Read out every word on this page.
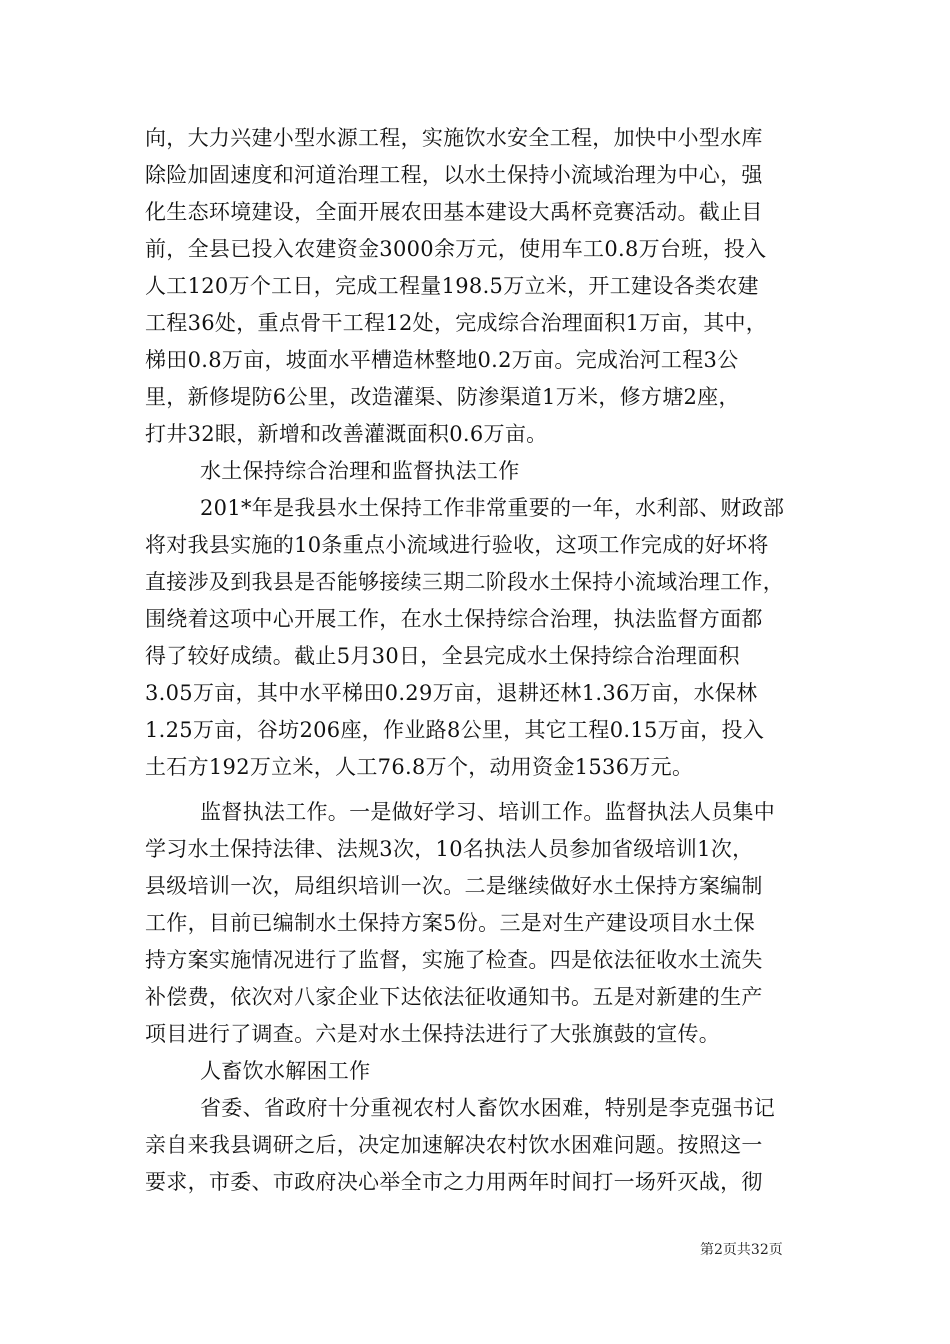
向，大力兴建小型水源工程，实施饮水安全工程，加快中小型水库
除险加固速度和河道治理工程，以水土保持小流域治理为中心，强
化生态环境建设，全面开展农田基本建设大禹杯竞赛活动。截止目
前，全县已投入农建资金3000余万元，使用车工0.8万台班，投入
人工120万个工日，完成工程量198.5万立米，开工建设各类农建
工程36处，重点骨干工程12处，完成综合治理面积1万亩，其中，
梯田0.8万亩，坡面水平槽造林整地0.2万亩。完成治河工程3公
里，新修堤防6公里，改造灌渠、防渗渠道1万米，修方塘2座，
打井32眼，新增和改善灌溉面积0.6万亩。
水土保持综合治理和监督执法工作
201*年是我县水土保持工作非常重要的一年，水利部、财政部
将对我县实施的10条重点小流域进行验收，这项工作完成的好坏将
直接涉及到我县是否能够接续三期二阶段水土保持小流域治理工作，
围绕着这项中心开展工作，在水土保持综合治理，执法监督方面都
得了较好成绩。截止5月30日，全县完成水土保持综合治理面积
3.05万亩，其中水平梯田0.29万亩，退耕还林1.36万亩，水保林
1.25万亩，谷坊206座，作业路8公里，其它工程0.15万亩，投入
土石方192万立米，人工76.8万个，动用资金1536万元。
监督执法工作。一是做好学习、培训工作。监督执法人员集中
学习水土保持法律、法规3次，10名执法人员参加省级培训1次，
县级培训一次，局组织培训一次。二是继续做好水土保持方案编制
工作，目前已编制水土保持方案5份。三是对生产建设项目水土保
持方案实施情况进行了监督，实施了检查。四是依法征收水土流失
补偿费，依次对八家企业下达依法征收通知书。五是对新建的生产
项目进行了调查。六是对水土保持法进行了大张旗鼓的宣传。
人畜饮水解困工作
省委、省政府十分重视农村人畜饮水困难，特别是李克强书记
亲自来我县调研之后，决定加速解决农村饮水困难问题。按照这一
要求，市委、市政府决心举全市之力用两年时间打一场歼灭战，彻
第2页共32页
